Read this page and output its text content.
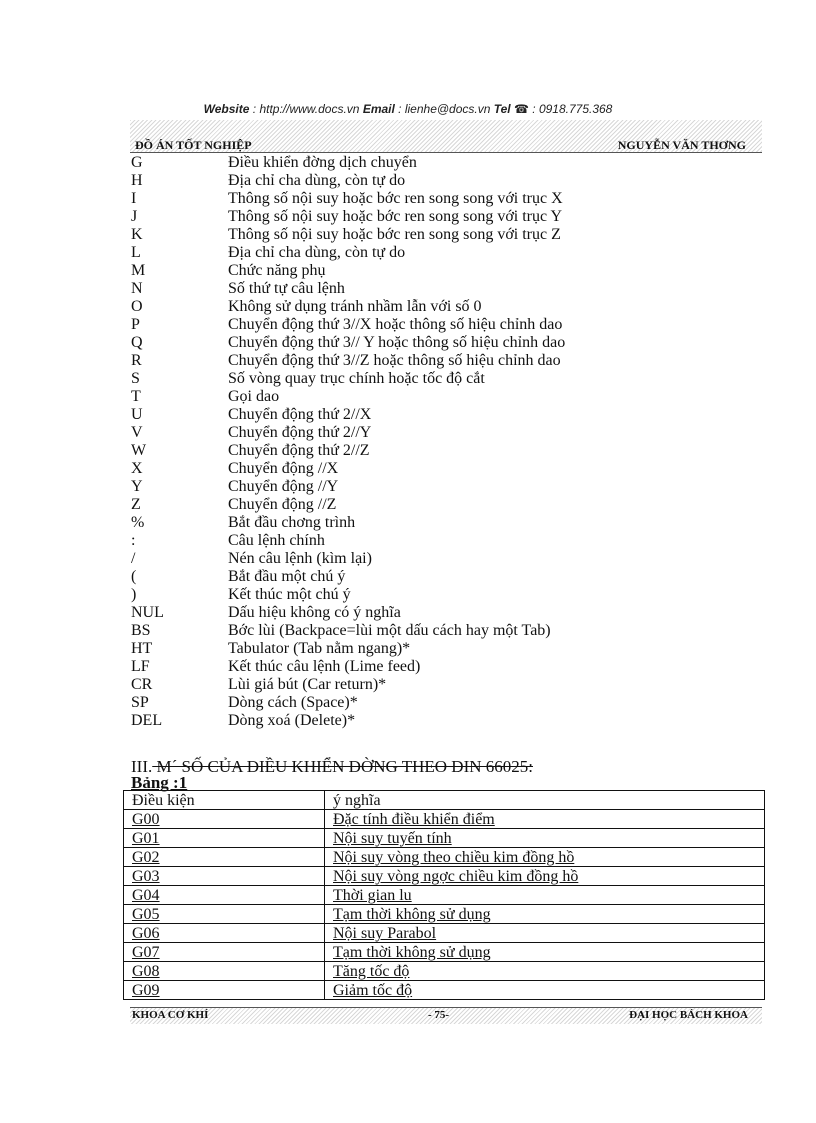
Website : http://www.docs.vn Email : lienhe@docs.vn Tel ☎ : 0918.775.368
ĐỒ ÁN TỐT NGHIỆP	NGUYỄN VĂN THƠNG
G	Điều khiển đờng dịch chuyển
H	Địa chỉ cha dùng, còn tự do
I	Thông số nội suy hoặc bớc ren song song với trục X
J	Thông số nội suy hoặc bớc ren song song với trục Y
K	Thông số nội suy hoặc bớc ren song song với trục Z
L	Địa chỉ cha dùng, còn tự do
M	Chức năng phụ
N	Số thứ tự câu lệnh
O	Không sử dụng tránh nhầm lẫn với số 0
P	Chuyển động thứ 3//X hoặc thông số hiệu chỉnh dao
Q	Chuyển động thứ 3// Y hoặc thông số hiệu chỉnh dao
R	Chuyển động thứ 3//Z hoặc thông số hiệu chỉnh dao
S	Số vòng quay trục chính hoặc tốc độ cắt
T	Gọi dao
U	Chuyển động thứ 2//X
V	Chuyển động thứ 2//Y
W	Chuyển động thứ 2//Z
X	Chuyển động //X
Y	Chuyển động //Y
Z	Chuyển động //Z
%	Bắt đầu chơng trình
:	Câu lệnh chính
/	Nén câu lệnh (kìm lại)
(	Bắt đầu một chú ý
)	Kết thúc một chú ý
NUL	Dấu hiệu không có ý nghĩa
BS	Bớc lùi (Backpace=lùi một dấu cách hay một Tab)
HT	Tabulator (Tab nằm ngang)*
LF	Kết thúc câu lệnh (Lime feed)
CR	Lùi giá bút (Car return)*
SP	Dòng cách (Space)*
DEL	Dòng xoá (Delete)*
III. M´ SỐ CỦA ĐIỀU KHIỂN ĐỜNG THEO DIN 66025:
Bảng :1
Điều kiện	ý nghĩa
G00	Đặc tính điều khiển điểm
G01	Nội suy tuyến tính
G02	Nội suy vòng theo chiều kim đồng hồ
G03	Nội suy vòng ngợc chiều kim đồng hồ
G04	Thời gian lu
G05	Tạm thời không sử dụng
G06	Nội suy Parabol
G07	Tạm thời không sử dụng
G08	Tăng tốc độ
G09	Giảm tốc độ
KHOA CƠ KHÍ	- 75-	ĐẠI HỌC BÁCH KHOA
